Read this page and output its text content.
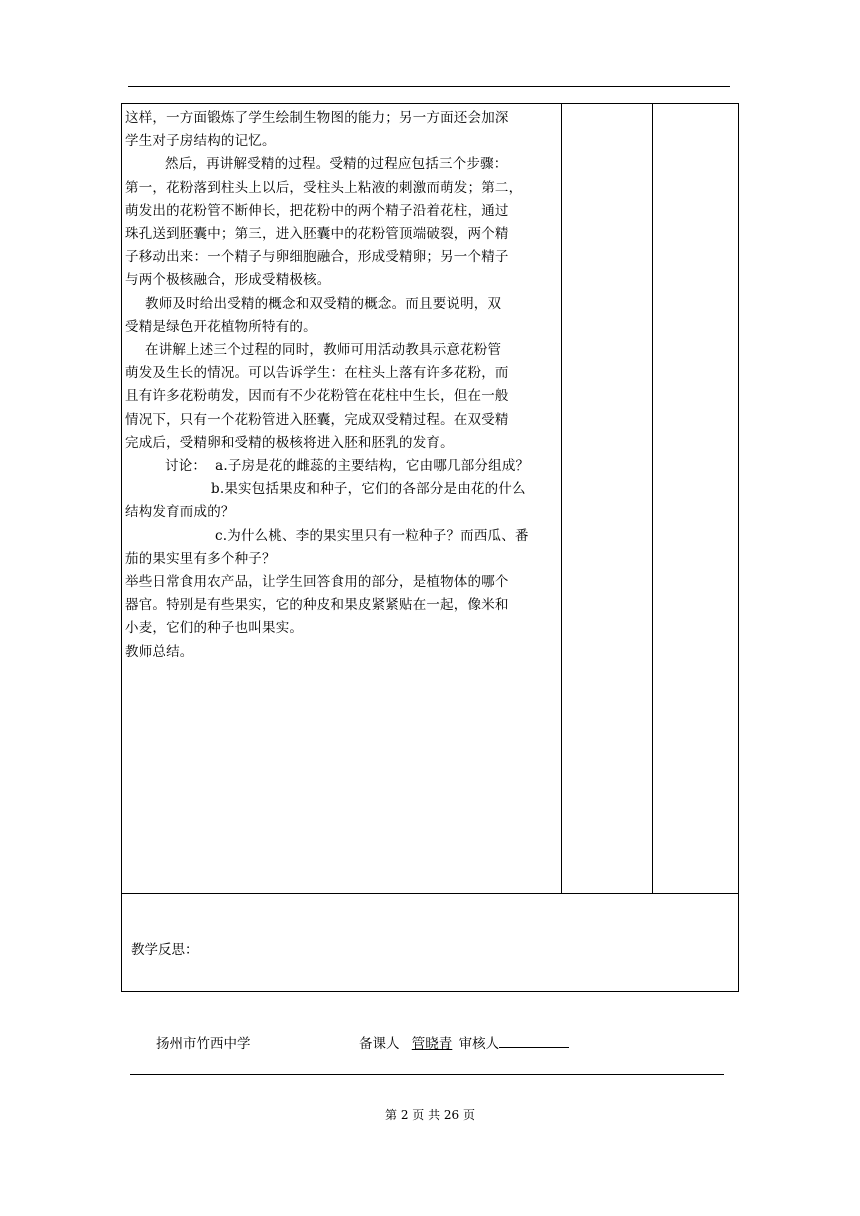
这样，一方面锻炼了学生绘制生物图的能力；另一方面还会加深

学生对子房结构的记忆。

然后，再讲解受精的过程。受精的过程应包括三个步骤：

第一，花粉落到柱头上以后，受柱头上粘液的刺激而萌发；第二，

萌发出的花粉管不断伸长，把花粉中的两个精子沿着花柱，通过

珠孔送到胚囊中；第三，进入胚囊中的花粉管顶端破裂，两个精

子移动出来：一个精子与卵细胞融合，形成受精卵；另一个精子

与两个极核融合，形成受精极核。

教师及时给出受精的概念和双受精的概念。而且要说明，双

受精是绿色开花植物所特有的。

在讲解上述三个过程的同时，教师可用活动教具示意花粉管

萌发及生长的情况。可以告诉学生：在柱头上落有许多花粉，而

且有许多花粉萌发，因而有不少花粉管在花柱中生长，但在一般

情况下，只有一个花粉管进入胚囊，完成双受精过程。在双受精

完成后，受精卵和受精的极核将进入胚和胚乳的发育。

讨论：  a.子房是花的雌蕊的主要结构，它由哪几部分组成？

b.果实包括果皮和种子，它们的各部分是由花的什么

结构发育而成的？

c.为什么桃、李的果实里只有一粒种子？而西瓜、番

茄的果实里有多个种子？

举些日常食用农产品，让学生回答食用的部分，是植物体的哪个

器官。特别是有些果实，它的种皮和果皮紧紧贴在一起，像米和

小麦，它们的种子也叫果实。

教师总结。

教学反思：
扬州市竹西中学	备课人 管晓青 审核人
第 2 页 共 26 页
